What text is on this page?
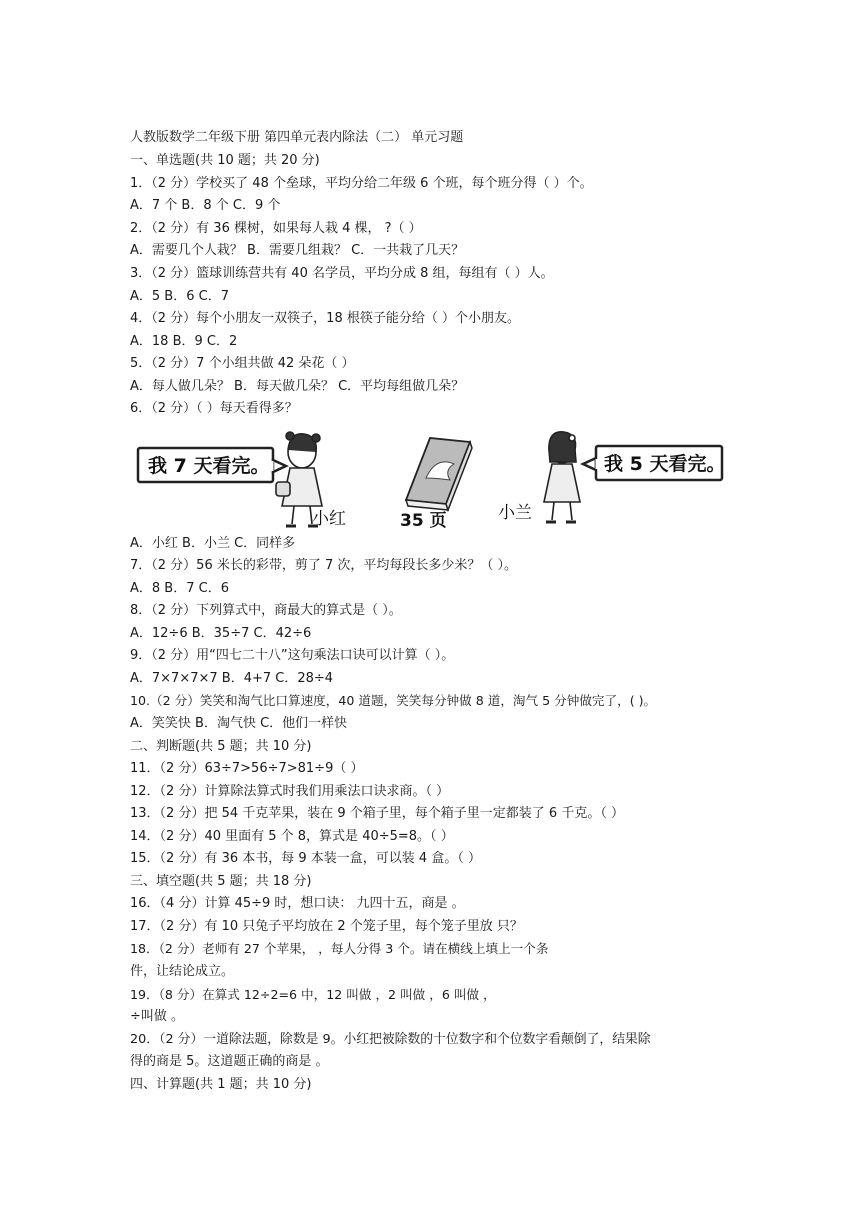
人教版数学二年级下册 第四单元表内除法（二） 单元习题
一、单选题(共 10 题；共 20 分)
1．（2 分）学校买了 48 个垒球，平均分给二年级 6 个班，每个班分得（ ）个。
A．7 个 B．8 个 C．9 个
2．（2 分）有 36 棵树，如果每人栽 4 棵， ?（ ）
A．需要几个人栽？ B．需要几组栽？ C．一共栽了几天？
3．（2 分）篮球训练营共有 40 名学员，平均分成 8 组，每组有（ ）人。
A．5 B．6 C．7
4．（2 分）每个小朋友一双筷子，18 根筷子能分给（ ）个小朋友。
A．18 B．9 C．2
5．（2 分）7 个小组共做 42 朵花（ ）
A．每人做几朵？ B．每天做几朵？ C．平均每组做几朵？
6．（2 分）（ ）每天看得多？
我 7 天看完。
小红	35 页	小兰
我 5 天看完。
A．小红 B．小兰 C．同样多
7．（2 分）56 米长的彩带，剪了 7 次，平均每段长多少米？（ ）。
A．8 B．7 C．6
8．（2 分）下列算式中，商最大的算式是（ ）。
A．12÷6 B．35÷7 C．42÷6
9．（2 分）用“四七二十八”这句乘法口诀可以计算（ ）。
A．7×7×7×7 B．4+7 C．28÷4
10.（2 分）笑笑和淘气比口算速度，40 道题，笑笑每分钟做 8 道，淘气 5 分钟做完了，( )。
A．笑笑快 B．淘气快 C．他们一样快
二、判断题(共 5 题；共 10 分)
11．（2 分）63÷7>56÷7>81÷9（ ）
12．（2 分）计算除法算式时我们用乘法口诀求商。（ ）
13．（2 分）把 54 千克苹果，装在 9 个箱子里，每个箱子里一定都装了 6 千克。（ ）
14．（2 分）40 里面有 5 个 8，算式是 40÷5=8。（ ）
15．（2 分）有 36 本书，每 9 本装一盒，可以装 4 盒。（ ）
三、填空题(共 5 题；共 18 分)
16．（4 分）计算 45÷9 时，想口诀： 九四十五，商是 。
17．（2 分）有 10 只兔子平均放在 2 个笼子里，每个笼子里放 只？
18．（2 分）老师有 27 个苹果， ，每人分得 3 个。请在横线上填上一个条
件，让结论成立。
19．（8 分）在算式 12÷2=6 中，12 叫做 ，2 叫做 ，6 叫做 ，
÷叫做 。
20．（2 分）一道除法题，除数是 9。小红把被除数的十位数字和个位数字看颠倒了，结果除
得的商是 5。这道题正确的商是 。
四、计算题(共 1 题；共 10 分)
